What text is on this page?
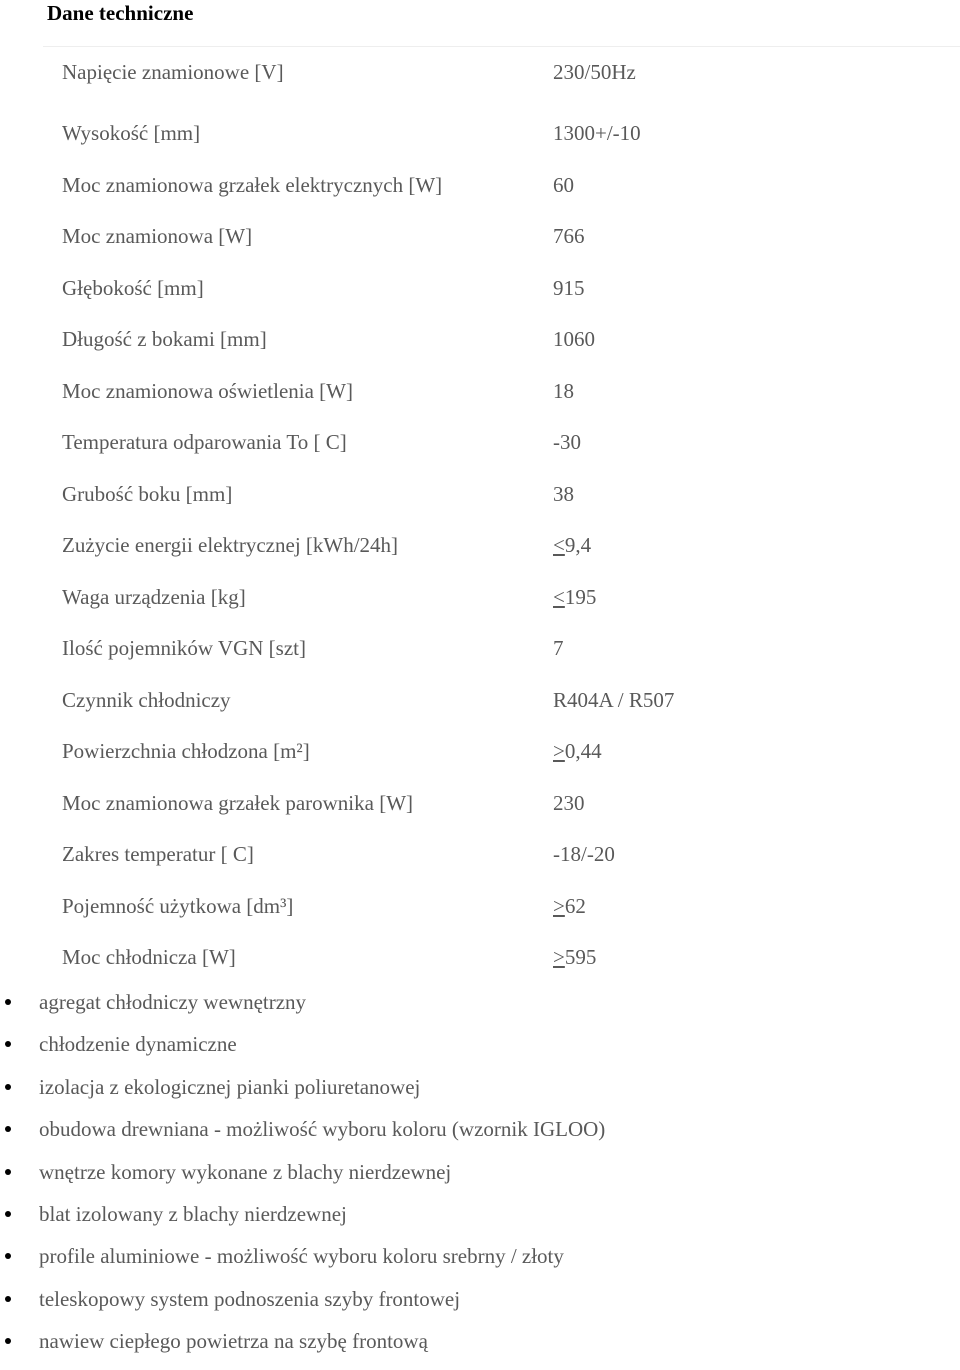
Dane techniczne
Napięcie znamionowe [V]	230/50Hz
Wysokość [mm]	1300+/-10
Moc znamionowa grzałek elektrycznych [W]	60
Moc znamionowa [W]	766
Głębokość [mm]	915
Długość z bokami [mm]	1060
Moc znamionowa oświetlenia [W]	18
Temperatura odparowania To [ C]	-30
Grubość boku [mm]	38
Zużycie energii elektrycznej [kWh/24h]	<9,4
Waga urządzenia [kg]	<195
Ilość pojemników VGN [szt]	7
Czynnik chłodniczy	R404A / R507
Powierzchnia chłodzona [m²]	>0,44
Moc znamionowa grzałek parownika [W]	230
Zakres temperatur [ C]	-18/-20
Pojemność użytkowa [dm³]	>62
Moc chłodnicza [W]	>595
agregat chłodniczy wewnętrzny
chłodzenie dynamiczne
izolacja z ekologicznej pianki poliuretanowej
obudowa drewniana - możliwość wyboru koloru (wzornik IGLOO)
wnętrze komory wykonane z blachy nierdzewnej
blat izolowany z blachy nierdzewnej
profile aluminiowe - możliwość wyboru koloru srebrny / złoty
teleskopowy system podnoszenia szyby frontowej
nawiew ciepłego powietrza na szybę frontową
